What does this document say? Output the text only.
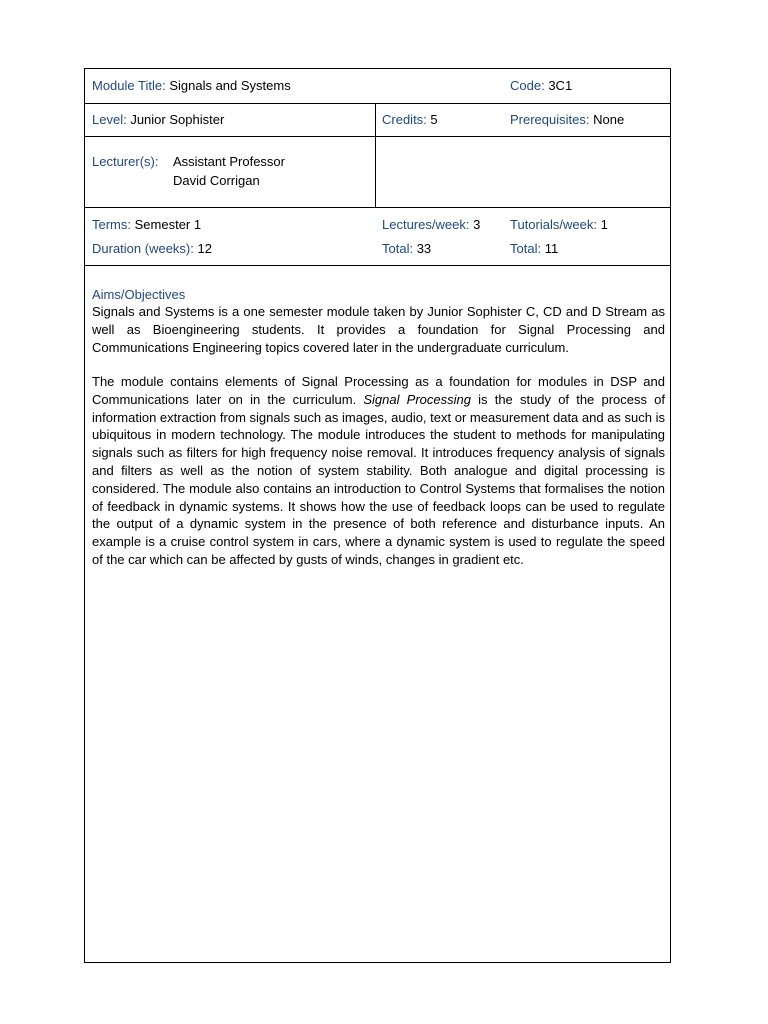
Module Title: Signals and Systems	Code: 3C1
Level: Junior Sophister	Credits: 5	Prerequisites: None
Lecturer(s): Assistant Professor
David Corrigan
Terms: Semester 1	Lectures/week: 3 Tutorials/week: 1
Duration (weeks): 12	Total: 33	Total: 11
Aims/Objectives

Signals and Systems is a one semester module taken by Junior Sophister C, CD and D Stream as well as Bioengineering students. It provides a foundation for Signal Processing and Communications Engineering topics covered later in the undergraduate curriculum.

The module contains elements of Signal Processing as a foundation for modules in DSP and Communications later on in the curriculum. Signal Processing is the study of the process of information extraction from signals such as images, audio, text or measurement data and as such is ubiquitous in modern technology. The module introduces the student to methods for manipulating signals such as filters for high frequency noise removal. It introduces frequency analysis of signals and filters as well as the notion of system stability. Both analogue and digital processing is considered. The module also contains an introduction to Control Systems that formalises the notion of feedback in dynamic systems. It shows how the use of feedback loops can be used to regulate the output of a dynamic system in the presence of both reference and disturbance inputs. An example is a cruise control system in cars, where a dynamic system is used to regulate the speed of the car which can be affected by gusts of winds, changes in gradient etc.
